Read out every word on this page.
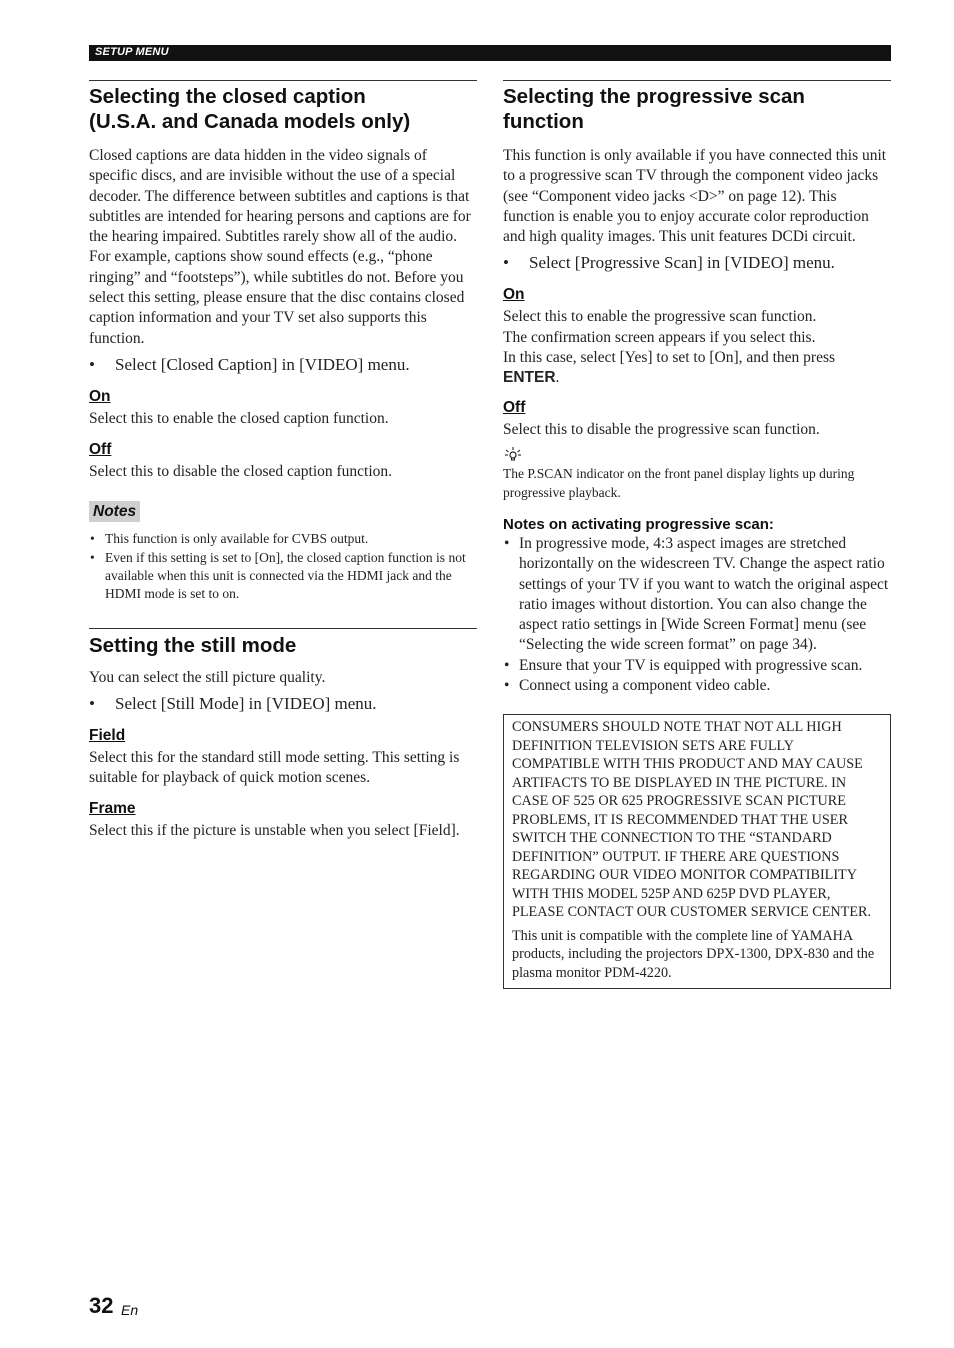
SETUP MENU
Selecting the closed caption (U.S.A. and Canada models only)

Closed captions are data hidden in the video signals of specific discs, and are invisible without the use of a special decoder. The difference between subtitles and captions is that subtitles are intended for hearing persons and captions are for the hearing impaired. Subtitles rarely show all of the audio. For example, captions show sound effects (e.g., “phone ringing” and “footsteps”), while subtitles do not. Before you select this setting, please ensure that the disc contains closed caption information and your TV set also supports this function.

• Select [Closed Caption] in [VIDEO] menu.
On

Select this to enable the closed caption function.

Off

Select this to disable the closed caption function.

Notes
• This function is only available for CVBS output.
• Even if this setting is set to [On], the closed caption function is not available when this unit is connected via the HDMI jack and the HDMI mode is set to on.
Setting the still mode

You can select the still picture quality.

• Select [Still Mode] in [VIDEO] menu.
Field

Select this for the standard still mode setting. This setting is suitable for playback of quick motion scenes.

Frame

Select this if the picture is unstable when you select [Field].

Selecting the progressive scan function

This function is only available if you have connected this unit to a progressive scan TV through the component video jacks (see “Component video jacks <D>” on page 12). This function is enable you to enjoy accurate color reproduction and high quality images. This unit features DCDi circuit.

• Select [Progressive Scan] in [VIDEO] menu.
On

Select this to enable the progressive scan function.

The confirmation screen appears if you select this.

In this case, select [Yes] to set to [On], and then press
ENTER.

Off

Select this to disable the progressive scan function.

The P.SCAN indicator on the front panel display lights up during progressive playback.

Notes on activating progressive scan:

• In progressive mode, 4:3 aspect images are stretched horizontally on the widescreen TV. Change the aspect ratio settings of your TV if you want to watch the original aspect ratio images without distortion. You can also change the aspect ratio settings in [Wide Screen Format] menu (see “Selecting the wide screen format” on page 34).
• Ensure that your TV is equipped with progressive scan.
• Connect using a component video cable.

CONSUMERS SHOULD NOTE THAT NOT ALL HIGH DEFINITION TELEVISION SETS ARE FULLY COMPATIBLE WITH THIS PRODUCT AND MAY CAUSE ARTIFACTS TO BE DISPLAYED IN THE PICTURE. IN CASE OF 525 OR 625 PROGRESSIVE SCAN PICTURE PROBLEMS, IT IS RECOMMENDED THAT THE USER SWITCH THE CONNECTION TO THE “STANDARD DEFINITION” OUTPUT. IF THERE ARE QUESTIONS REGARDING OUR VIDEO MONITOR COMPATIBILITY WITH THIS MODEL 525P AND 625P DVD PLAYER, PLEASE CONTACT OUR CUSTOMER SERVICE CENTER.

This unit is compatible with the complete line of YAMAHA products, including the projectors DPX-1300, DPX-830 and the plasma monitor PDM-4220.

32 En
